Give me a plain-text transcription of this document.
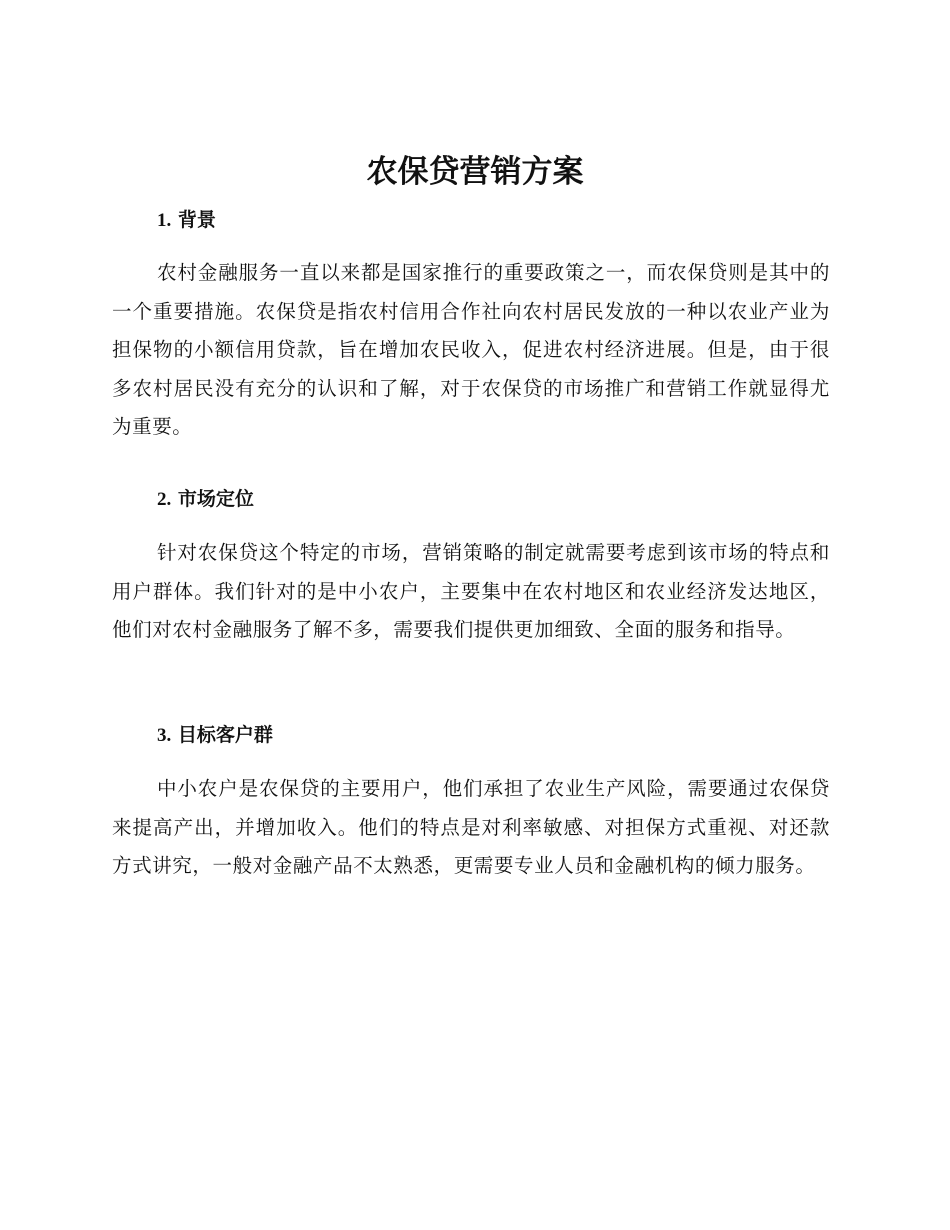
农保贷营销方案
1. 背景

农村金融服务一直以来都是国家推行的重要政策之一，而农保贷则是其中的一个重要措施。农保贷是指农村信用合作社向农村居民发放的一种以农业产业为担保物的小额信用贷款，旨在增加农民收入，促进农村经济进展。但是，由于很多农村居民没有充分的认识和了解，对于农保贷的市场推广和营销工作就显得尤为重要。

2. 市场定位

针对农保贷这个特定的市场，营销策略的制定就需要考虑到该市场的特点和用户群体。我们针对的是中小农户，主要集中在农村地区和农业经济发达地区，他们对农村金融服务了解不多，需要我们提供更加细致、全面的服务和指导。

3. 目标客户群

中小农户是农保贷的主要用户，他们承担了农业生产风险，需要通过农保贷来提高产出，并增加收入。他们的特点是对利率敏感、对担保方式重视、对还款方式讲究，一般对金融产品不太熟悉，更需要专业人员和金融机构的倾力服务。
